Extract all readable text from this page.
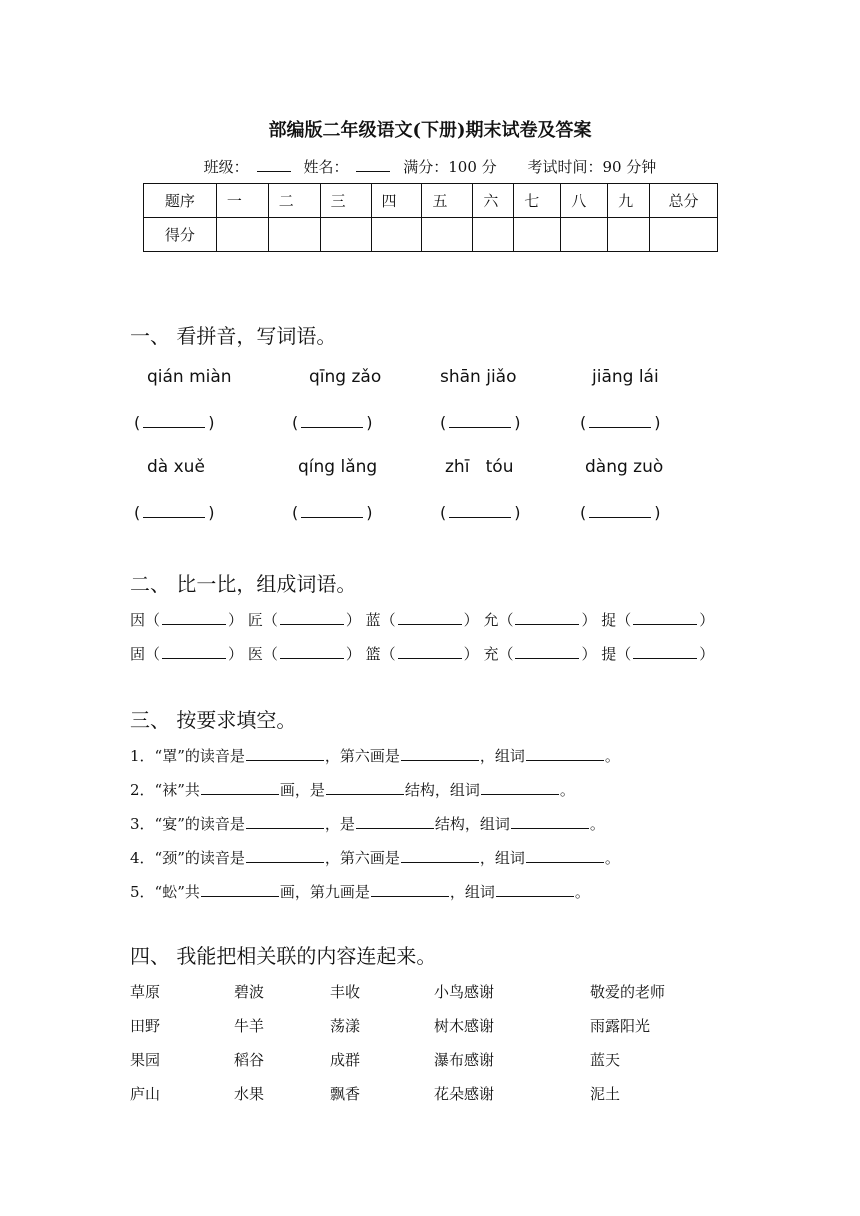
部编版二年级语文(下册)期末试卷及答案
班级：	姓名：	满分：100 分 考试时间：90 分钟
题序	一	二	三	四	五	六	七	八	九	总分
得分										
一、 看拼音，写词语。
qián miàn	qīng zǎo	shān jiǎo	jiāng lái
(	)	(	)	(	)	(	)
dà xuě	qíng lǎng	zhī   tóu	dàng zuò
(	)	(	)	(	)	(	)
二、 比一比，组成词语。
因（	） 匠（	） 蓝（	） 允（	） 捉（	）
固（	） 医（	） 篮（	） 充（	） 提（	）
三、 按要求填空。
1．“罩”的读音是	，第六画是	，组词	。
2．“袜”共	画，是	结构，组词	。
3．“宴”的读音是	，是	结构，组词	。
4．“颈”的读音是	，第六画是	，组词	。
5．“蚣”共	画，第九画是	，组词	。
四、 我能把相关联的内容连起来。
草原	碧波	丰收	小鸟感谢	敬爱的老师
田野	牛羊	荡漾	树木感谢	雨露阳光
果园	稻谷	成群	瀑布感谢	蓝天
庐山	水果	飘香	花朵感谢	泥土
